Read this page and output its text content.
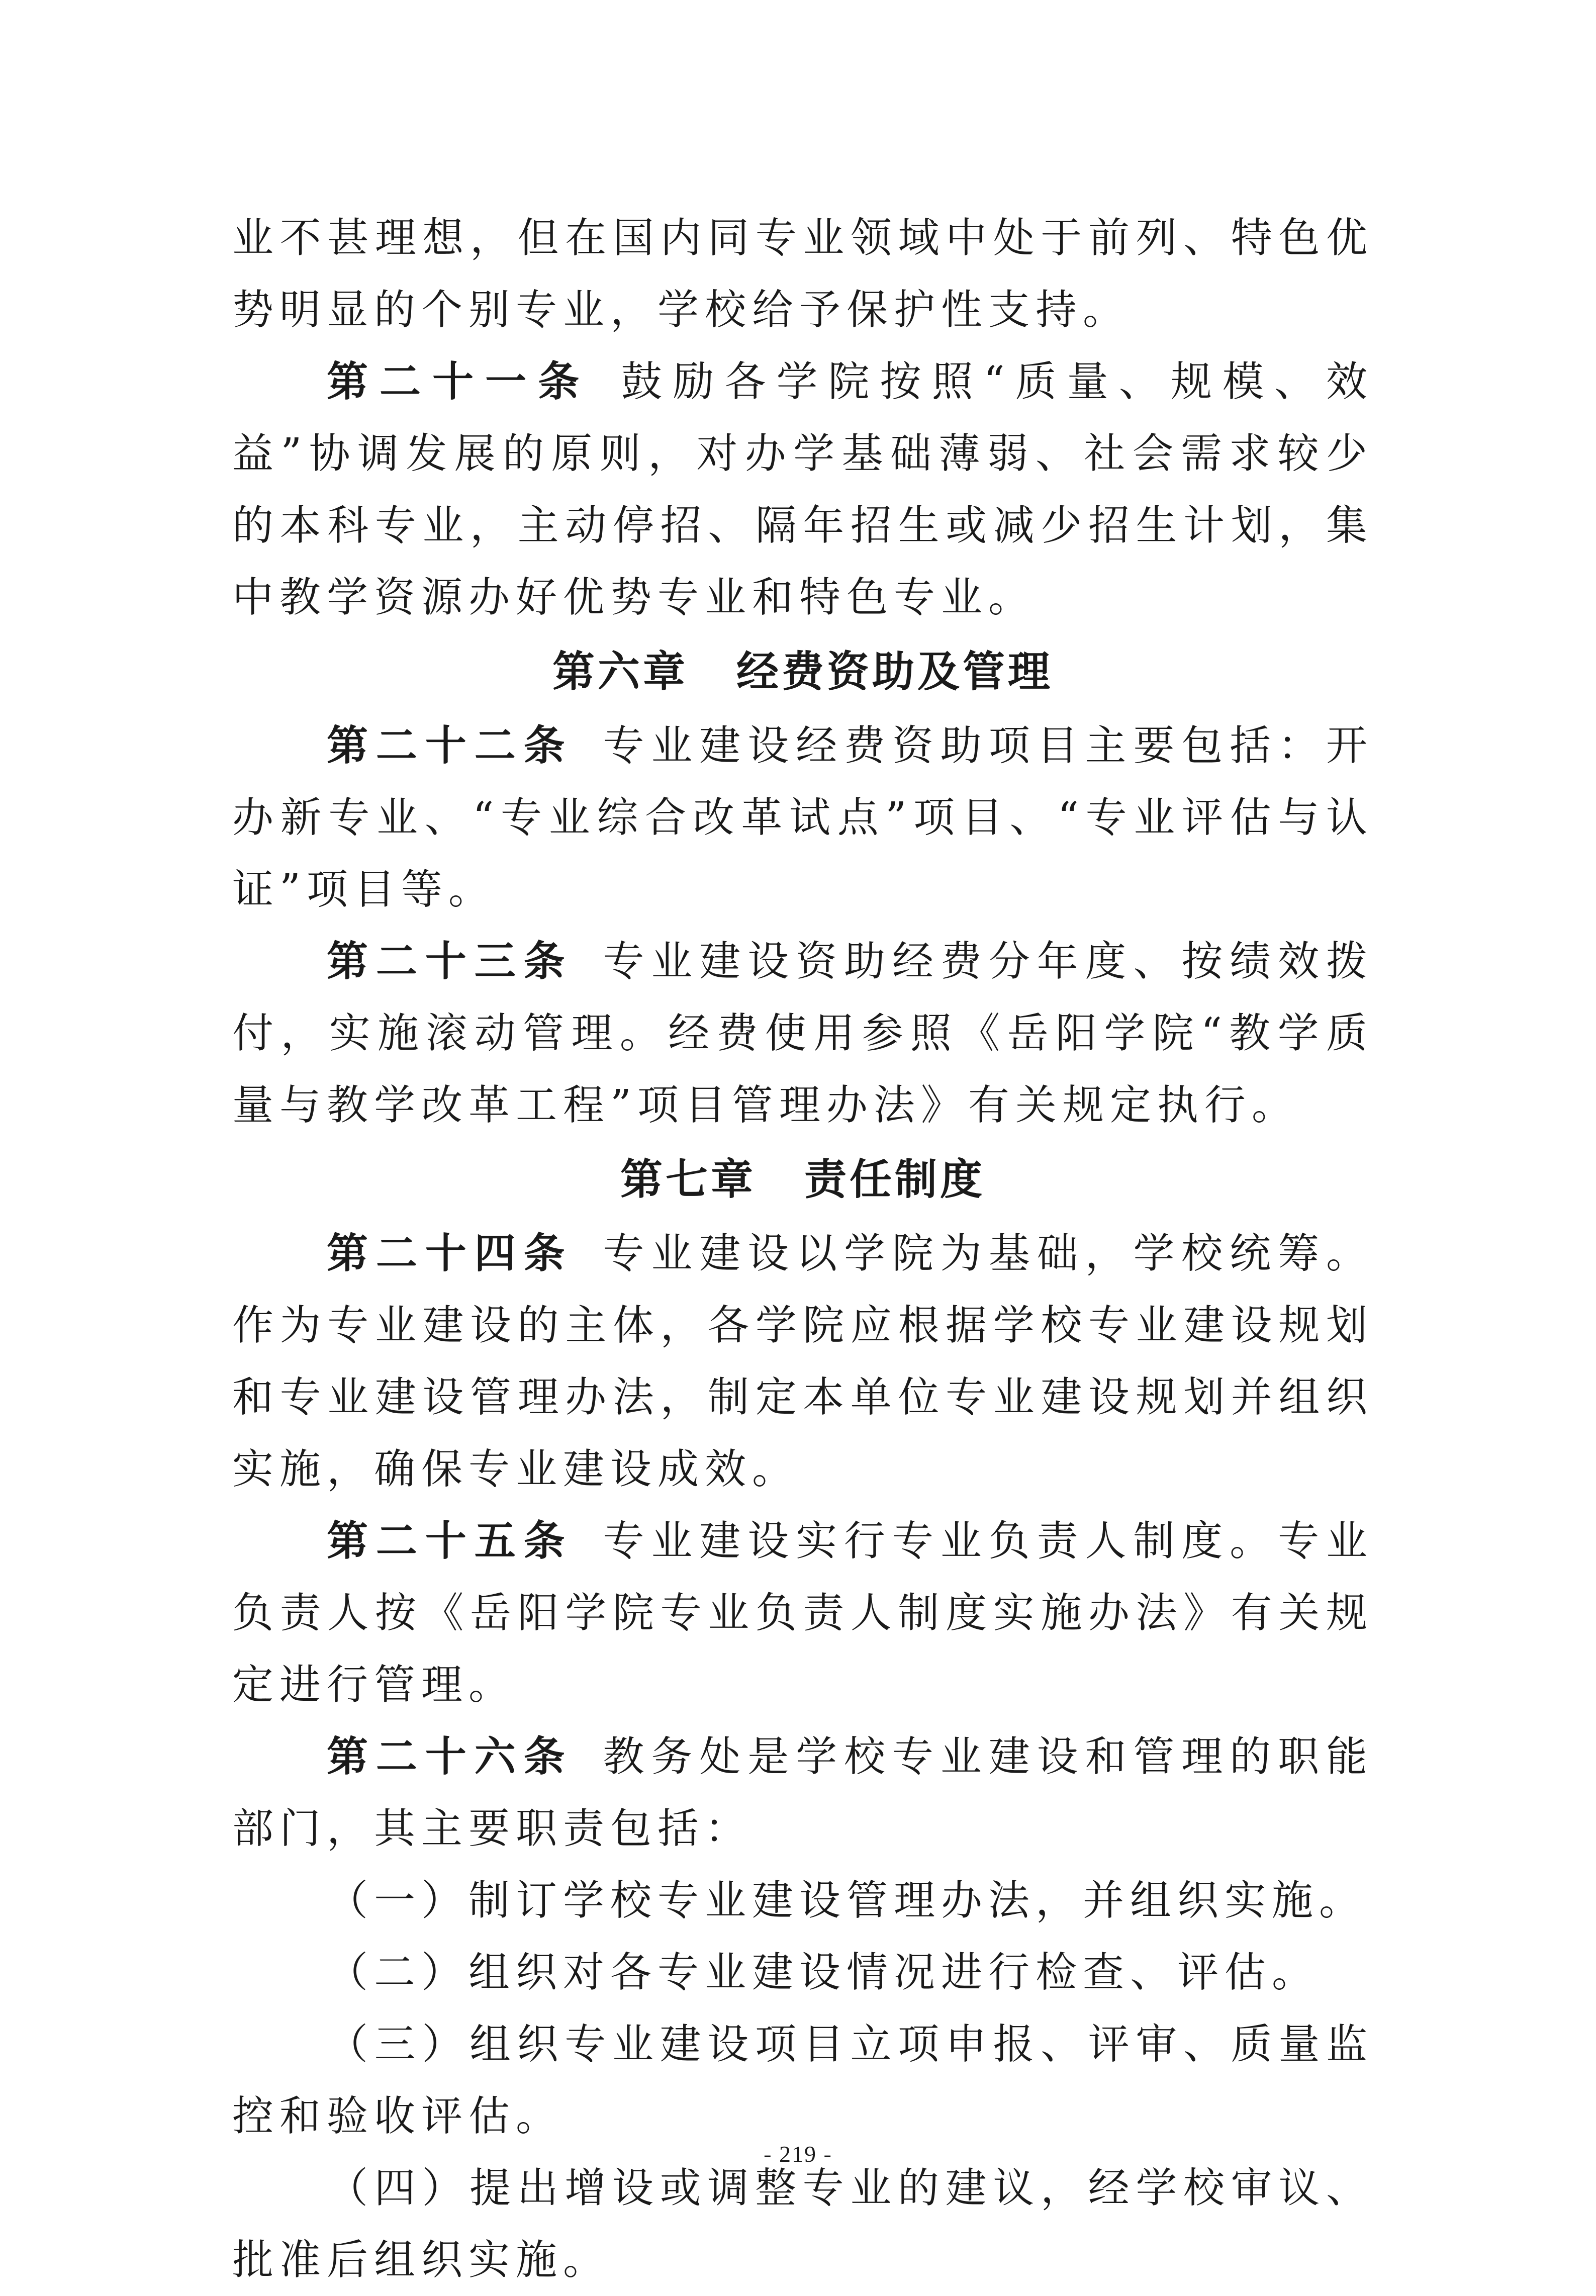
业不甚理想，但在国内同专业领域中处于前列、特色优势明显的个别专业，学校给予保护性支持。

第二十一条 鼓励各学院按照“质量、规模、效益”协调发展的原则，对办学基础薄弱、社会需求较少的本科专业，主动停招、隔年招生或减少招生计划，集中教学资源办好优势专业和特色专业。

第六章 经费资助及管理

第二十二条 专业建设经费资助项目主要包括：开办新专业、“专业综合改革试点”项目、“专业评估与认证”项目等。

第二十三条 专业建设资助经费分年度、按绩效拨付，实施滚动管理。经费使用参照《岳阳学院“教学质量与教学改革工程”项目管理办法》有关规定执行。

第七章 责任制度

第二十四条 专业建设以学院为基础，学校统筹。作为专业建设的主体，各学院应根据学校专业建设规划和专业建设管理办法，制定本单位专业建设规划并组织实施，确保专业建设成效。

第二十五条 专业建设实行专业负责人制度。专业负责人按《岳阳学院专业负责人制度实施办法》有关规定进行管理。

第二十六条 教务处是学校专业建设和管理的职能部门，其主要职责包括：

（一）制订学校专业建设管理办法，并组织实施。

（二）组织对各专业建设情况进行检查、评估。

（三）组织专业建设项目立项申报、评审、质量监控和验收评估。

（四）提出增设或调整专业的建议，经学校审议、批准后组织实施。

- 219 -
